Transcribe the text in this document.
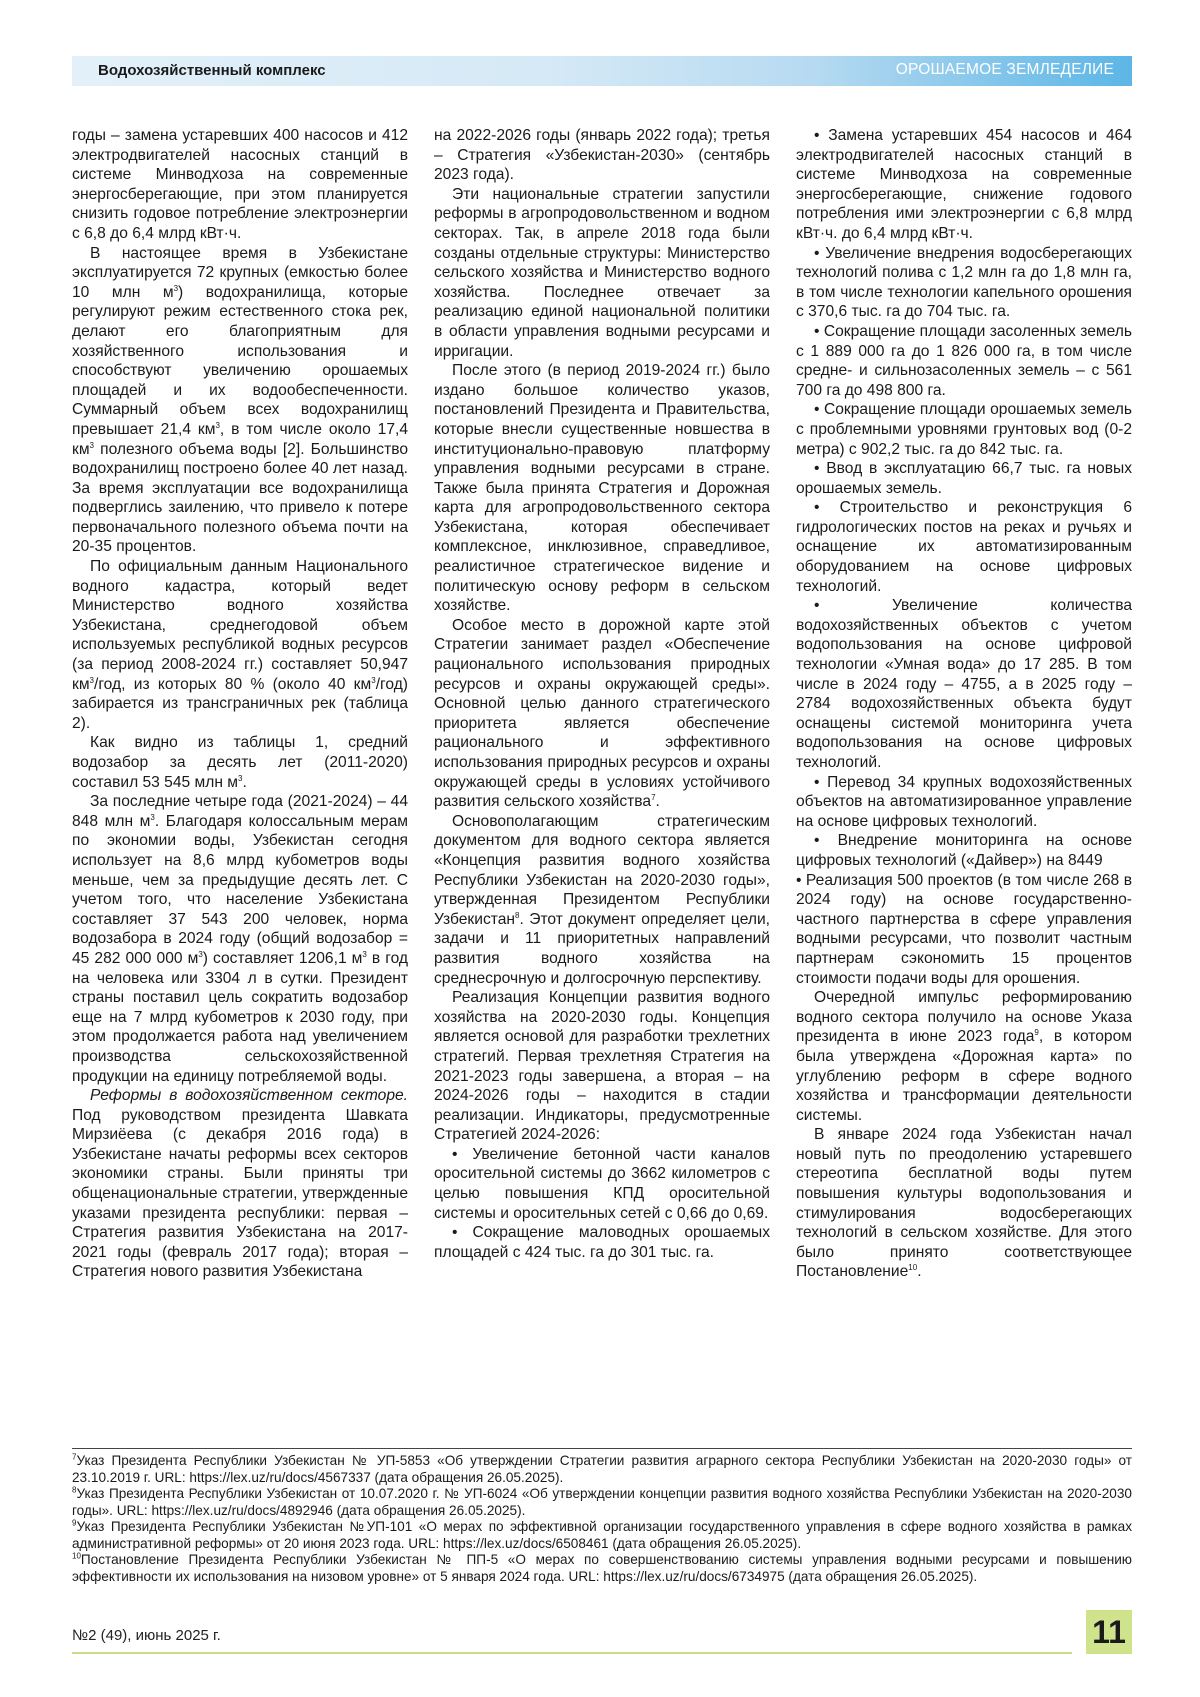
Водохозяйственный комплекс	ОРОШАЕМОЕ ЗЕМЛЕДЕЛИЕ

годы – замена устаревших 400 насосов и 412 электродвигателей насосных станций в системе Минводхоза на современные энергосберегающие, при этом планируется снизить годовое потребление электроэнергии с 6,8 до 6,4 млрд кВт·ч.

В настоящее время в Узбекистане эксплуатируется 72 крупных (емкостью более 10 млн $м^3$) водохранилища, которые регулируют режим естественного стока рек, делают его благоприятным для хозяйственного использования и способствуют увеличению орошаемых площадей и их водообеспеченности. Суммарный объем всех водохранилищ превышает 21,4 $км^3$, в том числе около 17,4 $км^3$ полезного объема воды [2]. Большинство водохранилищ построено более 40 лет назад. За время эксплуатации все водохранилища подверглись заилению, что привело к потере первоначального полезного объема почти на 20-35 процентов.

По официальным данным Национального водного кадастра, который ведет Министерство водного хозяйства Узбекистана, среднегодовой объем используемых республикой водных ресурсов (за период 2008-2024 гг.) составляет 50,947 $км^3$/год, из которых 80 % (около 40 $км^3/год$) забирается из трансграничных рек (таблица 2).

Как видно из таблицы 1, средний водозабор за десять лет (2011-2020) составил 53 545 млн $м^3$.

За последние четыре года (2021-2024) – 44 848 млн $м^3$. Благодаря колоссальным мерам по экономии воды, Узбекистан сегодня использует на 8,6 млрд кубометров воды меньше, чем за предыдущие десять лет. С учетом того, что население Узбекистана составляет 37 543 200 человек, норма водозабора в 2024 году (общий водозабор = 45 282 000 000 $м^3$) составляет 1206,1 $м^3$ в год на человека или 3304 л в сутки. Президент страны поставил цель сократить водозабор еще на 7 млрд кубометров к 2030 году, при этом продолжается работа над увеличением производства сельскохозяйственной продукции на единицу потребляемой воды.

Реформы в водохозяйственном секторе. Под руководством президента Шавката Мирзиёева (с декабря 2016 года) в Узбекистане начаты реформы всех секторов экономики страны. Были приняты три общенациональные стратегии, утвержденные указами президента республики: первая – Стратегия развития Узбекистана на 2017-2021 годы (февраль 2017 года); вторая – Стратегия нового развития Узбекистана

на 2022-2026 годы (январь 2022 года); третья – Стратегия «Узбекистан-2030» (сентябрь 2023 года).

Эти национальные стратегии запустили реформы в агропродовольственном и водном секторах. Так, в апреле 2018 года были созданы отдельные структуры: Министерство сельского хозяйства и Министерство водного хозяйства. Последнее отвечает за реализацию единой национальной политики в области управления водными ресурсами и ирригации.

После этого (в период 2019-2024 гг.) было издано большое количество указов, постановлений Президента и Правительства, которые внесли существенные новшества в институционально-правовую платформу управления водными ресурсами в стране. Также была принята Стратегия и Дорожная карта для агропродовольственного сектора Узбекистана, которая обеспечивает комплексное, инклюзивное, справедливое, реалистичное стратегическое видение и политическую основу реформ в сельском хозяйстве.

Особое место в дорожной карте этой Стратегии занимает раздел «Обеспечение рационального использования природных ресурсов и охраны окружающей среды». Основной целью данного стратегического приоритета является обеспечение рационального и эффективного использования природных ресурсов и охраны окружающей среды в условиях устойчивого развития сельского хозяйства$^7$.

Основополагающим стратегическим документом для водного сектора является «Концепция развития водного хозяйства Республики Узбекистан на 2020-2030 годы», утвержденная Президентом Республики Узбекистан$^8$. Этот документ определяет цели, задачи и 11 приоритетных направлений развития водного хозяйства на среднесрочную и долгосрочную перспективу.

Реализация Концепции развития водного хозяйства на 2020-2030 годы. Концепция является основой для разработки трехлетних стратегий. Первая трехлетняя Стратегия на 2021-2023 годы завершена, а вторая – на 2024-2026 годы – находится в стадии реализации. Индикаторы, предусмотренные Стратегией 2024-2026:

• Увеличение бетонной части каналов оросительной системы до 3662 километров с целью повышения КПД оросительной системы и оросительных сетей с 0,66 до 0,69.

• Сокращение маловодных орошаемых площадей с 424 тыс. га до 301 тыс. га.

• Замена устаревших 454 насосов и 464 электродвигателей насосных станций в системе Минводхоза на современные энергосберегающие, снижение годового потребления ими электроэнергии с 6,8 млрд кВт·ч. до 6,4 млрд кВт·ч.

• Увеличение внедрения водосберегающих технологий полива с 1,2 млн га до 1,8 млн га, в том числе технологии капельного орошения с 370,6 тыс. га до 704 тыс. га.

• Сокращение площади засоленных земель с 1 889 000 га до 1 826 000 га, в том числе средне- и сильнозасоленных земель – с 561 700 га до 498 800 га.

• Сокращение площади орошаемых земель с проблемными уровнями грунтовых вод (0-2 метра) с 902,2 тыс. га до 842 тыс. га.

• Ввод в эксплуатацию 66,7 тыс. га новых орошаемых земель.

• Строительство и реконструкция 6 гидрологических постов на реках и ручьях и оснащение их автоматизированным оборудованием на основе цифровых технологий.

• Увеличение количества водохозяйственных объектов с учетом водопользования на основе цифровой технологии «Умная вода» до 17 285. В том числе в 2024 году – 4755, а в 2025 году – 2784 водохозяйственных объекта будут оснащены системой мониторинга учета водопользования на основе цифровых технологий.

• Перевод 34 крупных водохозяйственных объектов на автоматизированное управление на основе цифровых технологий.

• Внедрение мониторинга на основе цифровых технологий («Дайвер») на 8449

• Реализация 500 проектов (в том числе 268 в 2024 году) на основе государственно-частного партнерства в сфере управления водными ресурсами, что позволит частным партнерам сэкономить 15 процентов стоимости подачи воды для орошения.

Очередной импульс реформированию водного сектора получило на основе Указа президента в июне 2023 года$^9$, в котором была утверждена «Дорожная карта» по углублению реформ в сфере водного хозяйства и трансформации деятельности системы.

В январе 2024 года Узбекистан начал новый путь по преодолению устаревшего стереотипа бесплатной воды путем повышения культуры водопользования и стимулирования водосберегающих технологий в сельском хозяйстве. Для этого было принято соответствующее Постановление$^{10}$.

$^7$Указ Президента Республики Узбекистан № УП-5853 «Об утверждении Стратегии развития аграрного сектора Республики Узбекистан на 2020-2030 годы» от 23.10.2019 г. URL: https://lex.uz/ru/docs/4567337 (дата обращения 26.05.2025).

$^8$Указ Президента Республики Узбекистан от 10.07.2020 г. № УП-6024 «Об утверждении концепции развития водного хозяйства Республики Узбекистан на 2020-2030 годы». URL: https://lex.uz/ru/docs/4892946 (дата обращения 26.05.2025).

$^9$Указ Президента Республики Узбекистан №УП-101 «О мерах по эффективной организации государственного управления в сфере водного хозяйства в рамках административной реформы» от 20 июня 2023 года. URL: https://lex.uz/docs/6508461 (дата обращения 26.05.2025).

$^{10}$Постановление Президента Республики Узбекистан № ПП-5 «О мерах по совершенствованию системы управления водными ресурсами и повышению эффективности их использования на низовом уровне» от 5 января 2024 года. URL: https://lex.uz/ru/docs/6734975 (дата обращения 26.05.2025).

№2 (49), июнь 2025 г.	11
